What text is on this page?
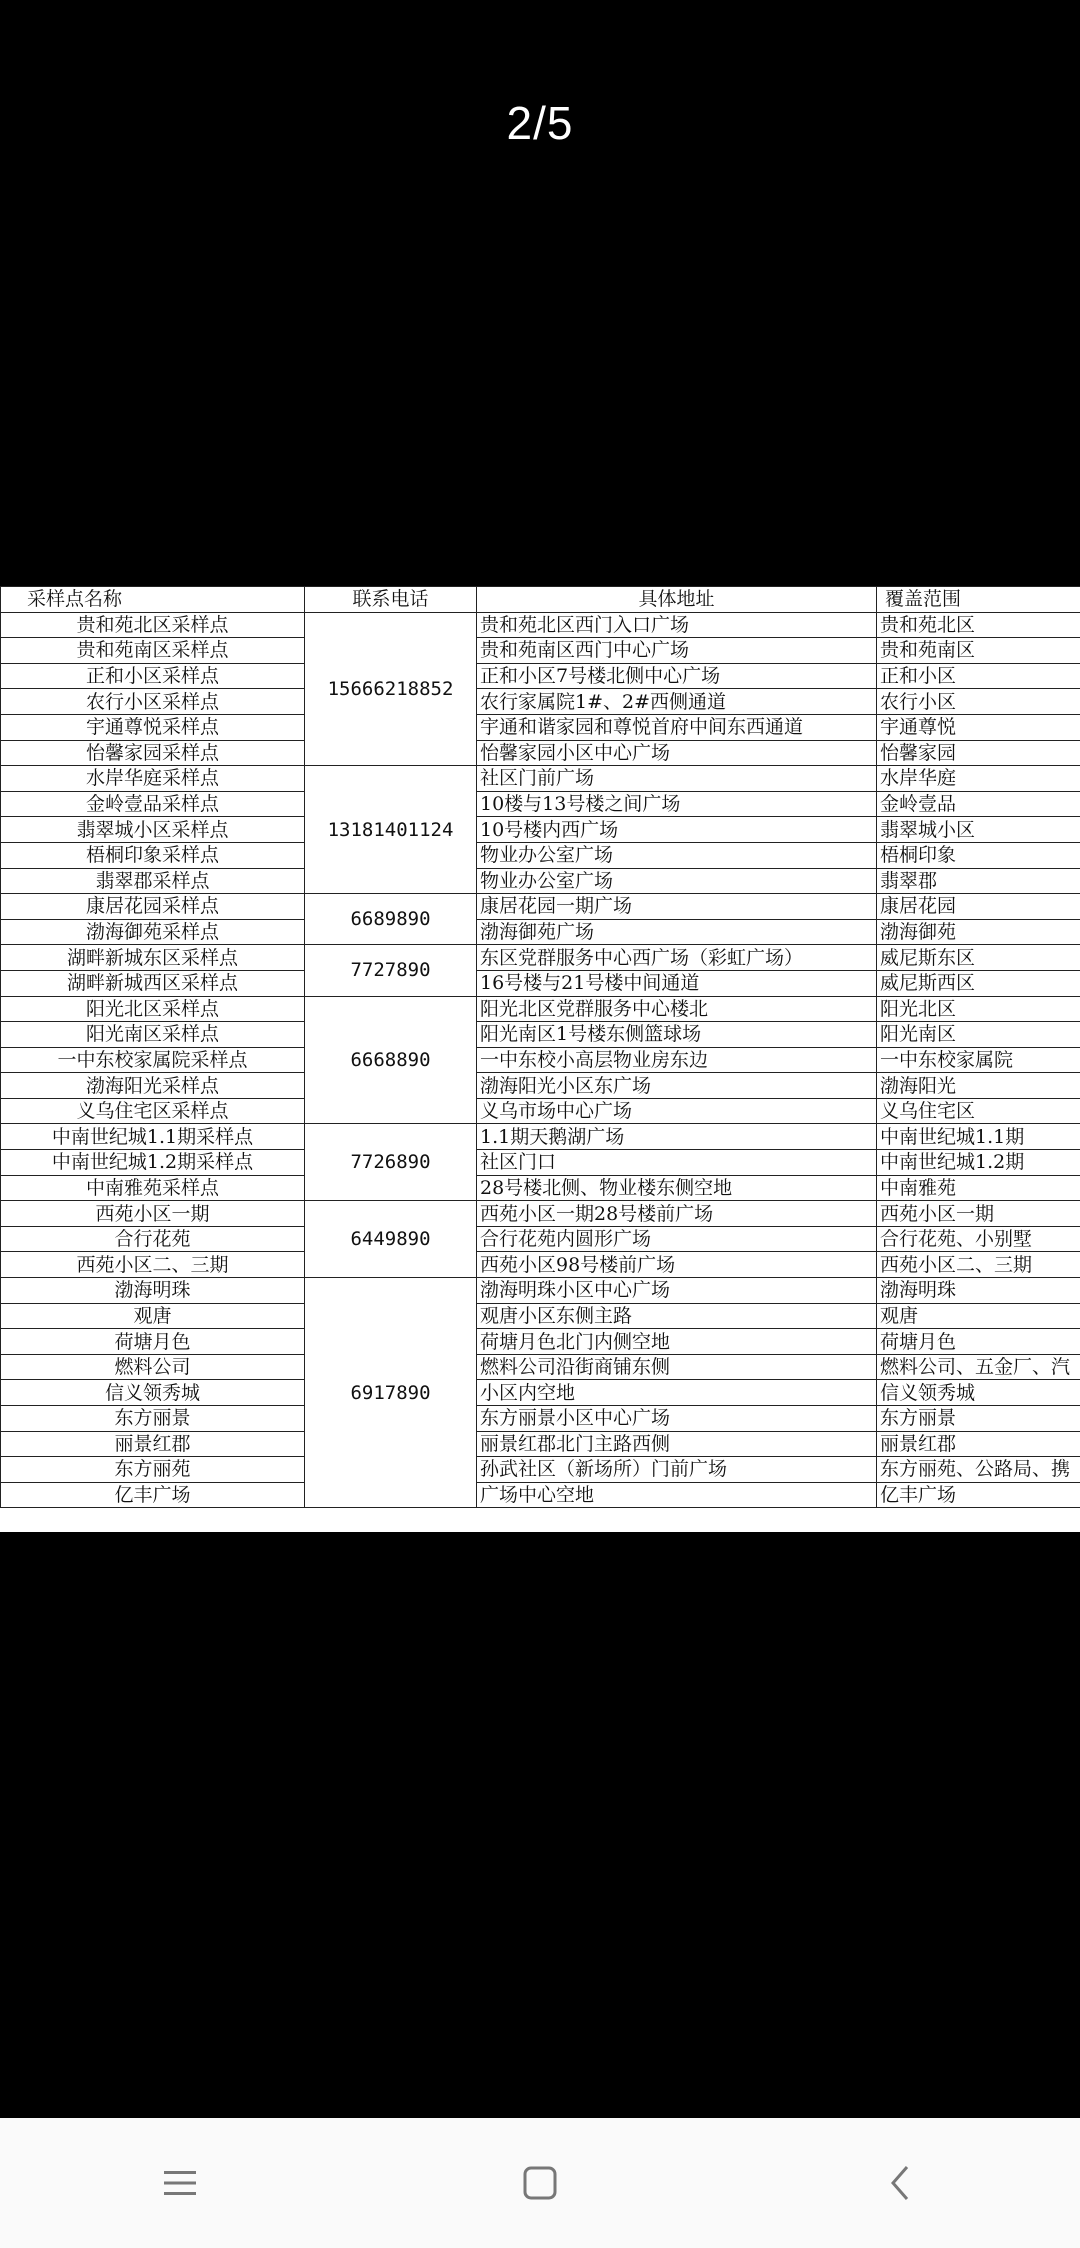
2/5
采样点名称	联系电话	具体地址	覆盖范围
贵和苑北区采样点	15666218852	贵和苑北区西门入口广场	贵和苑北区
贵和苑南区采样点		贵和苑南区西门中心广场	贵和苑南区
正和小区采样点		正和小区7号楼北侧中心广场	正和小区
农行小区采样点		农行家属院1#、2#西侧通道	农行小区
宇通尊悦采样点		宇通和谐家园和尊悦首府中间东西通道	宇通尊悦
怡馨家园采样点		怡馨家园小区中心广场	怡馨家园
水岸华庭采样点	13181401124	社区门前广场	水岸华庭
金岭壹品采样点		10楼与13号楼之间广场	金岭壹品
翡翠城小区采样点		10号楼内西广场	翡翠城小区
梧桐印象采样点		物业办公室广场	梧桐印象
翡翠郡采样点		物业办公室广场	翡翠郡
康居花园采样点	6689890	康居花园一期广场	康居花园
渤海御苑采样点		渤海御苑广场	渤海御苑
湖畔新城东区采样点	7727890	东区党群服务中心西广场（彩虹广场）	威尼斯东区
湖畔新城西区采样点		16号楼与21号楼中间通道	威尼斯西区
阳光北区采样点	6668890	阳光北区党群服务中心楼北	阳光北区
阳光南区采样点		阳光南区1号楼东侧篮球场	阳光南区
一中东校家属院采样点		一中东校小高层物业房东边	一中东校家属院
渤海阳光采样点		渤海阳光小区东广场	渤海阳光
义乌住宅区采样点		义乌市场中心广场	义乌住宅区
中南世纪城1.1期采样点	7726890	1.1期天鹅湖广场	中南世纪城1.1期
中南世纪城1.2期采样点		社区门口	中南世纪城1.2期
中南雅苑采样点		28号楼北侧、物业楼东侧空地	中南雅苑
西苑小区一期	6449890	西苑小区一期28号楼前广场	西苑小区一期
合行花苑		合行花苑内圆形广场	合行花苑、小别墅
西苑小区二、三期		西苑小区98号楼前广场	西苑小区二、三期
渤海明珠	6917890	渤海明珠小区中心广场	渤海明珠
观唐		观唐小区东侧主路	观唐
荷塘月色		荷塘月色北门内侧空地	荷塘月色
燃料公司		燃料公司沿街商铺东侧	燃料公司、五金厂、汽
信义领秀城		小区内空地	信义领秀城
东方丽景		东方丽景小区中心广场	东方丽景
丽景红郡		丽景红郡北门主路西侧	丽景红郡
东方丽苑		孙武社区（新场所）门前广场	东方丽苑、公路局、携
亿丰广场		广场中心空地	亿丰广场
